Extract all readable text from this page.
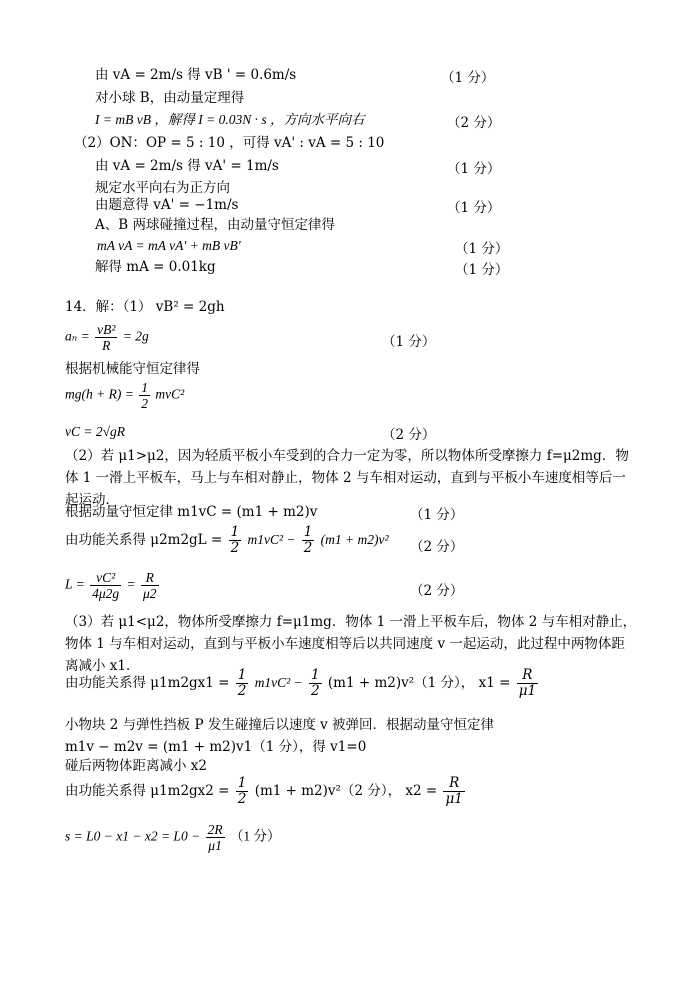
由 vA = 2m/s 得 vB ' = 0.6m/s	（1 分）
对小球 B，由动量定理得
I = mB vB ，解得 I = 0.03N · s ，方向水平向右	（2 分）
（2）ON：OP = 5 : 10 ，可得 vA' : vA = 5 : 10
由 vA = 2m/s 得 vA' = 1m/s	（1 分）
规定水平向右为正方向
由题意得 vA' = −1m/s	（1 分）
A、B 两球碰撞过程，由动量守恒定律得
mA vA = mA vA' + mB vB'	（1 分）
解得 mA = 0.01kg	（1 分）
14．解：（1） vB² = 2gh
$a_n = \frac{\text{vB²}}{R} = 2g$	（1 分）
根据机械能守恒定律得
$mg(h + R) = \frac{1}{2} mvC^2$
vC = 2√gR	（2 分）
（2）若 μ1>μ2，因为轻质平板小车受到的合力一定为零，所以物体所受摩擦力 f=μ2mg．物体 1 一滑上平板车，马上与车相对静止，物体 2 与车相对运动，直到与平板小车速度相等后一起运动．
根据动量守恒定律 m1vC = (m1 + m2)v	（1 分）
由功能关系得 $\mu 2m2gL = \frac{1}{2} m1vC^2 - \frac{1}{2} (m1 + m2)v^2$ （2 分）
$L = \frac{\text{vC²}}{4\mu 2g} = \frac{R}{\mu 2}$	（2 分）
（3）若 μ1<μ2，物体所受摩擦力 f=μ1mg．物体 1 一滑上平板车后，物体 2 与车相对静止，物体 1 与车相对运动，直到与平板小车速度相等后以共同速度 v 一起运动，此过程中两物体距离减小 x1．
由功能关系得 $\mu 1m2gx1 = \frac{1}{2} m1vC^2 - \frac{1}{2} (m1 + m2)v^2(1$ 分）， $x1 = \frac{R}{\mu 1}$
小物块 2 与弹性挡板 P 发生碰撞后以速度 v 被弹回．根据动量守恒定律
m1v − m2v = (m1 + m2)v1（1 分），得 v1=0
碰后两物体距离减小 x2
由功能关系得 $\mu 1m2gx2 = \frac{1}{2} (m1 + m2)v^2(2$ 分）， $x2 = \frac{R}{\mu 1}$
$s = L0 - x1 - x2 = L0 - \frac{2R}{\mu 1} (1$ 分）
